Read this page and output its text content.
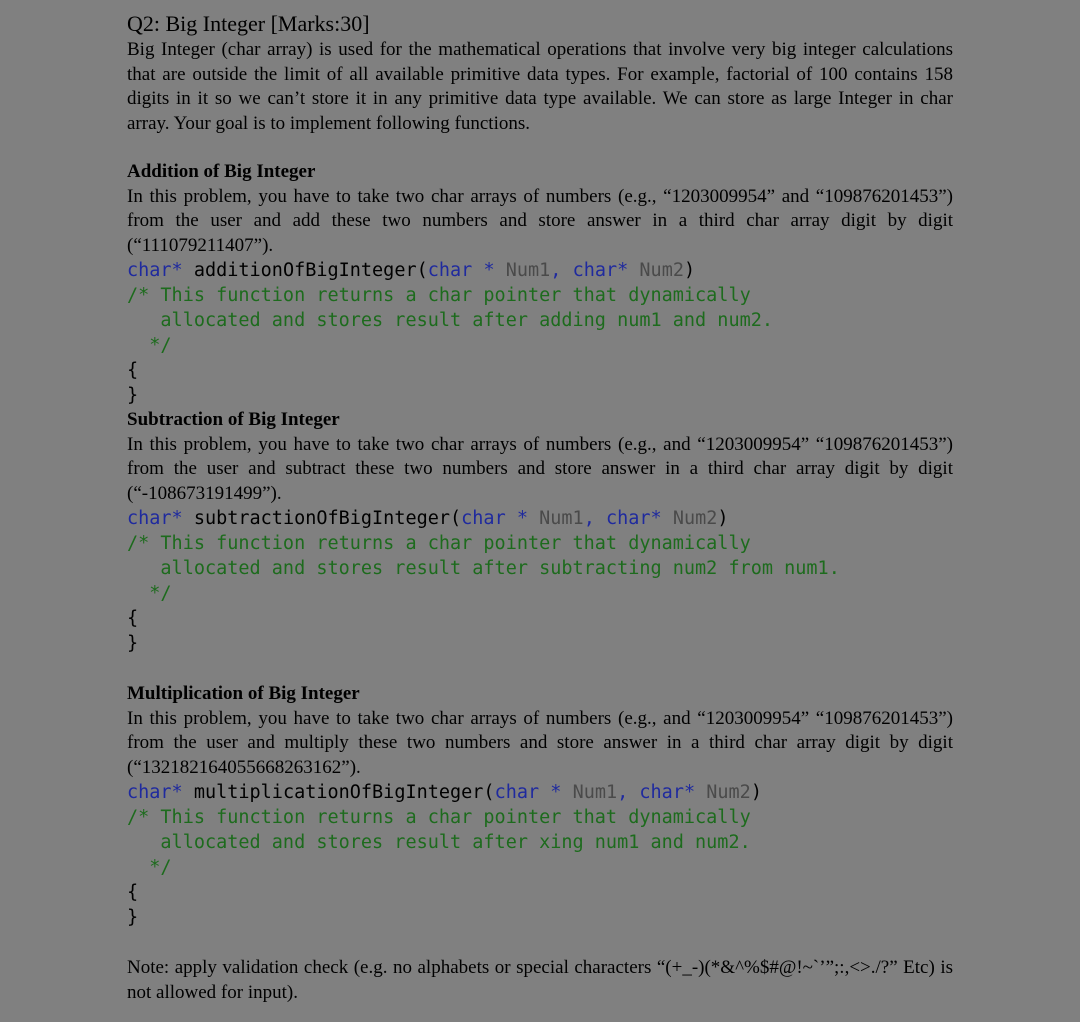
Q2: Big Integer [Marks:30]

Big Integer (char array) is used for the mathematical operations that involve very big integer calculations that are outside the limit of all available primitive data types. For example, factorial of 100 contains 158 digits in it so we can’t store it in any primitive data type available. We can store as large Integer in char array. Your goal is to implement following functions.

Addition of Big Integer

In this problem, you have to take two char arrays of numbers (e.g., “1203009954” and “109876201453”) from the user and add these two numbers and store answer in a third char array digit by digit (“111079211407”).

char* additionOfBigInteger(char * Num1, char* Num2)
/* This function returns a char pointer that dynamically
allocated and stores result after adding num1 and num2.
*/
{
}
Subtraction of Big Integer

In this problem, you have to take two char arrays of numbers (e.g., and “1203009954” “109876201453”) from the user and subtract these two numbers and store answer in a third char array digit by digit (“-108673191499”).

char* subtractionOfBigInteger(char * Num1, char* Num2)
/* This function returns a char pointer that dynamically
allocated and stores result after subtracting num2 from num1.
*/
{
}
Multiplication of Big Integer

In this problem, you have to take two char arrays of numbers (e.g., and “1203009954” “109876201453”) from the user and multiply these two numbers and store answer in a third char array digit by digit (“132182164055668263162”).

char* multiplicationOfBigInteger(char * Num1, char* Num2)
/* This function returns a char pointer that dynamically
allocated and stores result after xing num1 and num2.
*/
{
}

Note: apply validation check (e.g. no alphabets or special characters “(+_-)(*&^%$#@!~`’”;:,<>./?” Etc) is not allowed for input).
